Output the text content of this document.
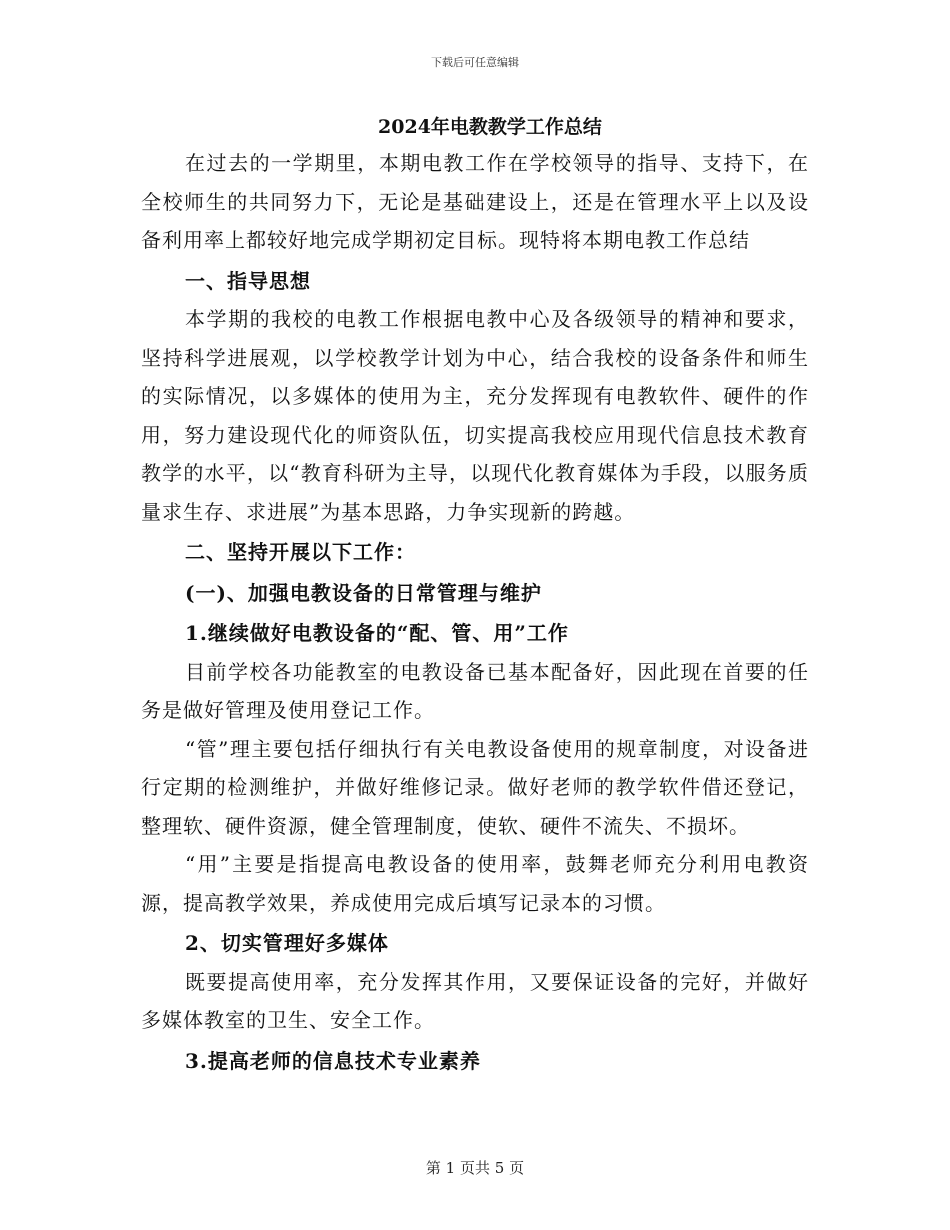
下载后可任意编辑
2024年电教教学工作总结

在过去的一学期里，本期电教工作在学校领导的指导、支持下，在全校师生的共同努力下，无论是基础建设上，还是在管理水平上以及设备利用率上都较好地完成学期初定目标。现特将本期电教工作总结

一、指导思想

本学期的我校的电教工作根据电教中心及各级领导的精神和要求，坚持科学进展观，以学校教学计划为中心，结合我校的设备条件和师生的实际情况，以多媒体的使用为主，充分发挥现有电教软件、硬件的作用，努力建设现代化的师资队伍，切实提高我校应用现代信息技术教育教学的水平，以“教育科研为主导，以现代化教育媒体为手段，以服务质量求生存、求进展”为基本思路，力争实现新的跨越。

二、坚持开展以下工作：

(一)、加强电教设备的日常管理与维护

1.继续做好电教设备的“配、管、用”工作

目前学校各功能教室的电教设备已基本配备好，因此现在首要的任务是做好管理及使用登记工作。

“管”理主要包括仔细执行有关电教设备使用的规章制度，对设备进行定期的检测维护，并做好维修记录。做好老师的教学软件借还登记，整理软、硬件资源，健全管理制度，使软、硬件不流失、不损坏。

“用”主要是指提高电教设备的使用率，鼓舞老师充分利用电教资源，提高教学效果，养成使用完成后填写记录本的习惯。

2、切实管理好多媒体

既要提高使用率，充分发挥其作用，又要保证设备的完好，并做好多媒体教室的卫生、安全工作。

3.提高老师的信息技术专业素养

第 1 页共 5 页
